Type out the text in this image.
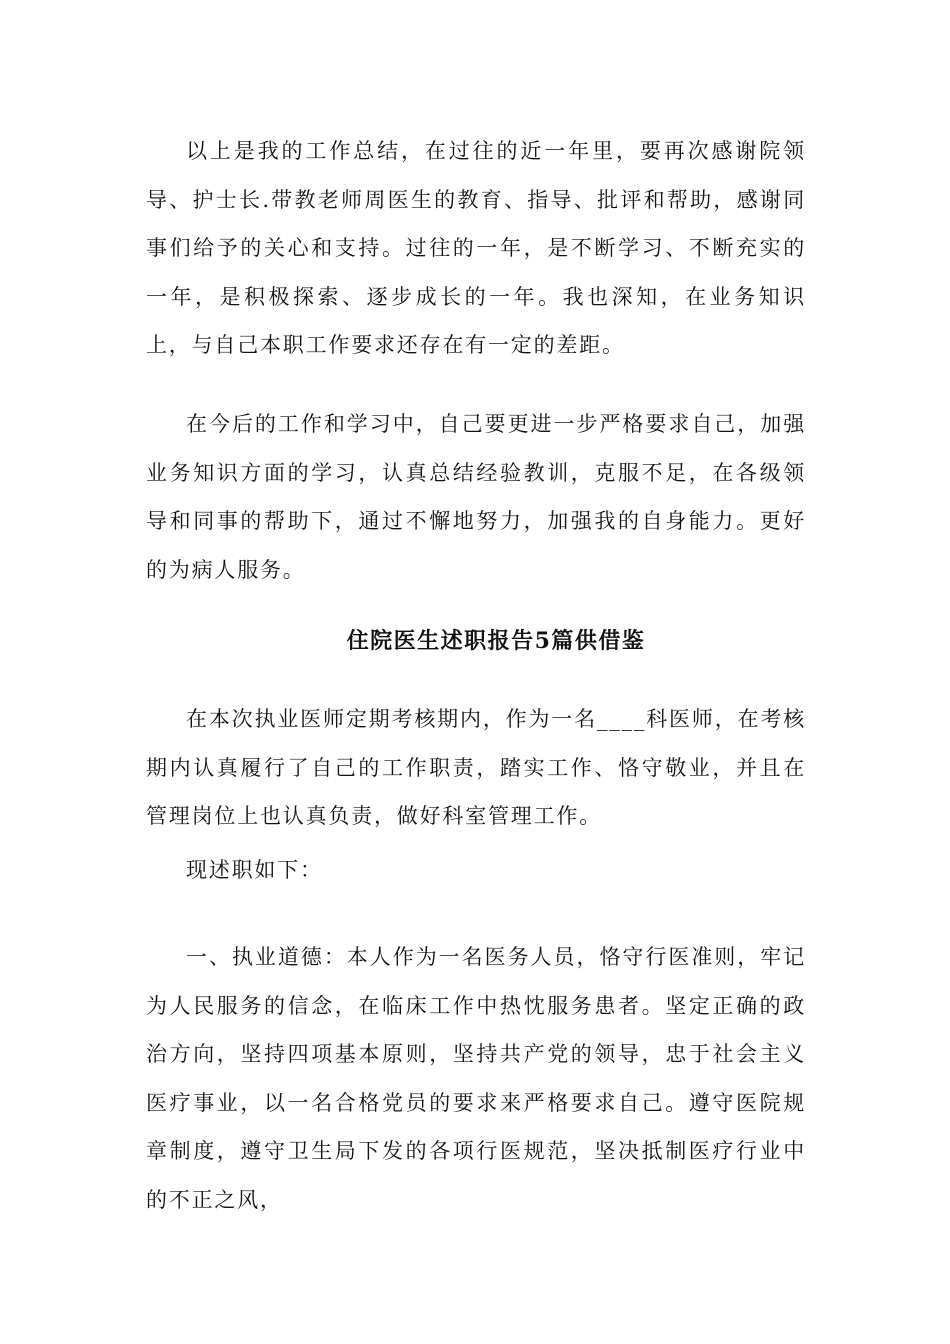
以上是我的工作总结，在过往的近一年里，要再次感谢院领导、护士长.带教老师周医生的教育、指导、批评和帮助，感谢同事们给予的关心和支持。过往的一年，是不断学习、不断充实的一年，是积极探索、逐步成长的一年。我也深知，在业务知识上，与自己本职工作要求还存在有一定的差距。

在今后的工作和学习中，自己要更进一步严格要求自己，加强业务知识方面的学习，认真总结经验教训，克服不足，在各级领导和同事的帮助下，通过不懈地努力，加强我的自身能力。更好的为病人服务。

住院医生述职报告5篇供借鉴

在本次执业医师定期考核期内，作为一名____科医师，在考核期内认真履行了自己的工作职责，踏实工作、恪守敬业，并且在管理岗位上也认真负责，做好科室管理工作。

现述职如下：

一、执业道德：本人作为一名医务人员，恪守行医准则，牢记为人民服务的信念，在临床工作中热忱服务患者。坚定正确的政治方向，坚持四项基本原则，坚持共产党的领导，忠于社会主义医疗事业，以一名合格党员的要求来严格要求自己。遵守医院规章制度，遵守卫生局下发的各项行医规范，坚决抵制医疗行业中的不正之风，
